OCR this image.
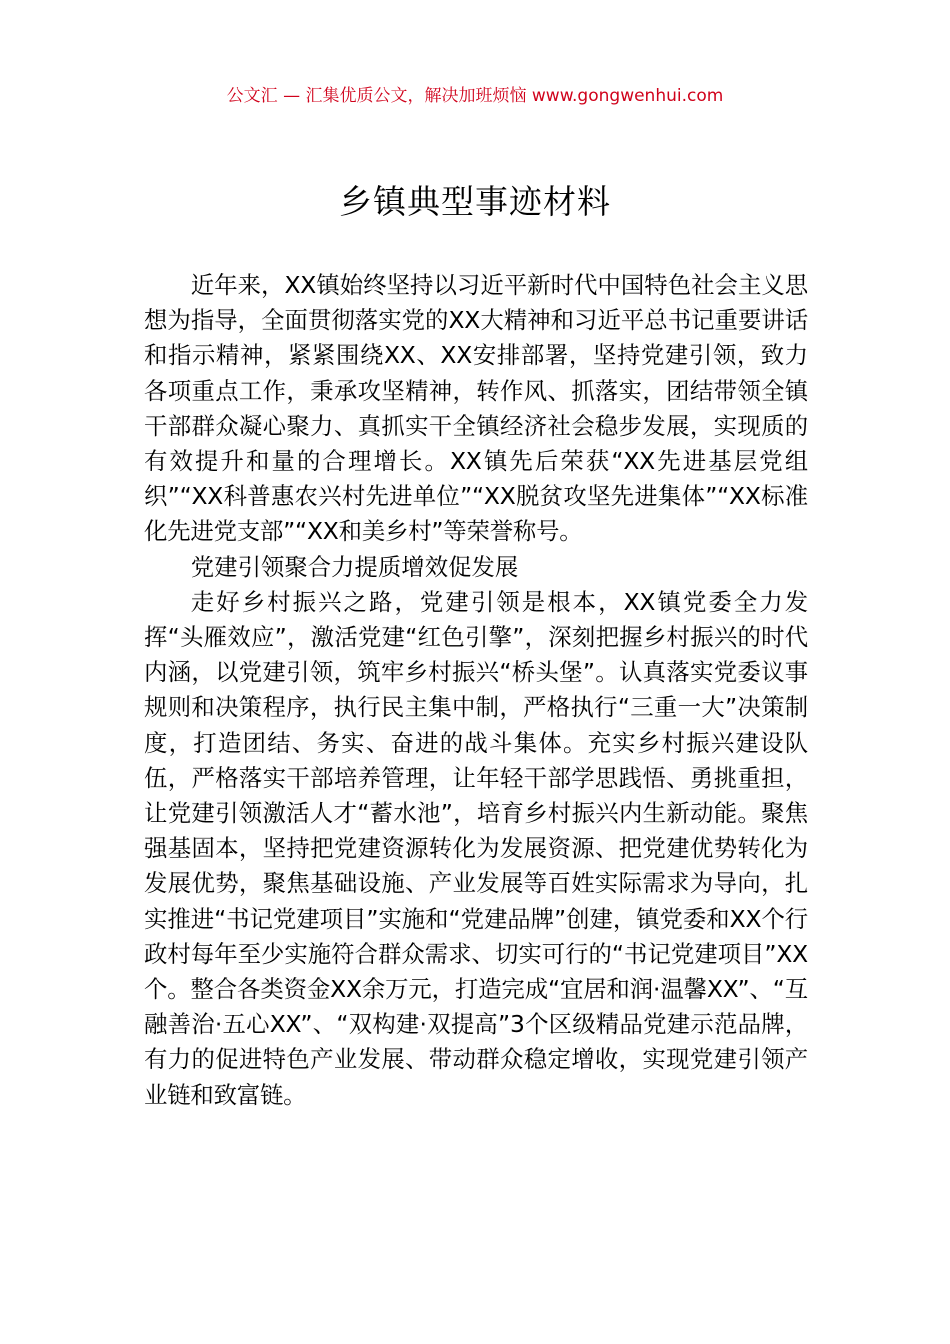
公文汇 — 汇集优质公文，解决加班烦恼 www.gongwenhui.com
乡镇典型事迹材料

近年来，XX镇始终坚持以习近平新时代中国特色社会主义思想为指导，全面贯彻落实党的XX大精神和习近平总书记重要讲话和指示精神，紧紧围绕XX、XX安排部署，坚持党建引领，致力各项重点工作，秉承攻坚精神，转作风、抓落实，团结带领全镇干部群众凝心聚力、真抓实干全镇经济社会稳步发展，实现质的有效提升和量的合理增长。XX镇先后荣获“XX先进基层党组织”“XX科普惠农兴村先进单位”“XX脱贫攻坚先进集体”“XX标准化先进党支部”“XX和美乡村”等荣誉称号。

党建引领聚合力提质增效促发展

走好乡村振兴之路，党建引领是根本，XX镇党委全力发挥“头雁效应”，激活党建“红色引擎”，深刻把握乡村振兴的时代内涵，以党建引领，筑牢乡村振兴“桥头堡”。认真落实党委议事规则和决策程序，执行民主集中制，严格执行“三重一大”决策制度，打造团结、务实、奋进的战斗集体。充实乡村振兴建设队伍，严格落实干部培养管理，让年轻干部学思践悟、勇挑重担，让党建引领激活人才“蓄水池”，培育乡村振兴内生新动能。聚焦强基固本，坚持把党建资源转化为发展资源、把党建优势转化为发展优势，聚焦基础设施、产业发展等百姓实际需求为导向，扎实推进“书记党建项目”实施和“党建品牌”创建，镇党委和XX个行政村每年至少实施符合群众需求、切实可行的“书记党建项目”XX个。整合各类资金XX余万元，打造完成“宜居和润·温馨XX”、“互融善治·五心XX”、“双构建·双提高”3个区级精品党建示范品牌，有力的促进特色产业发展、带动群众稳定增收，实现党建引领产业链和致富链。
